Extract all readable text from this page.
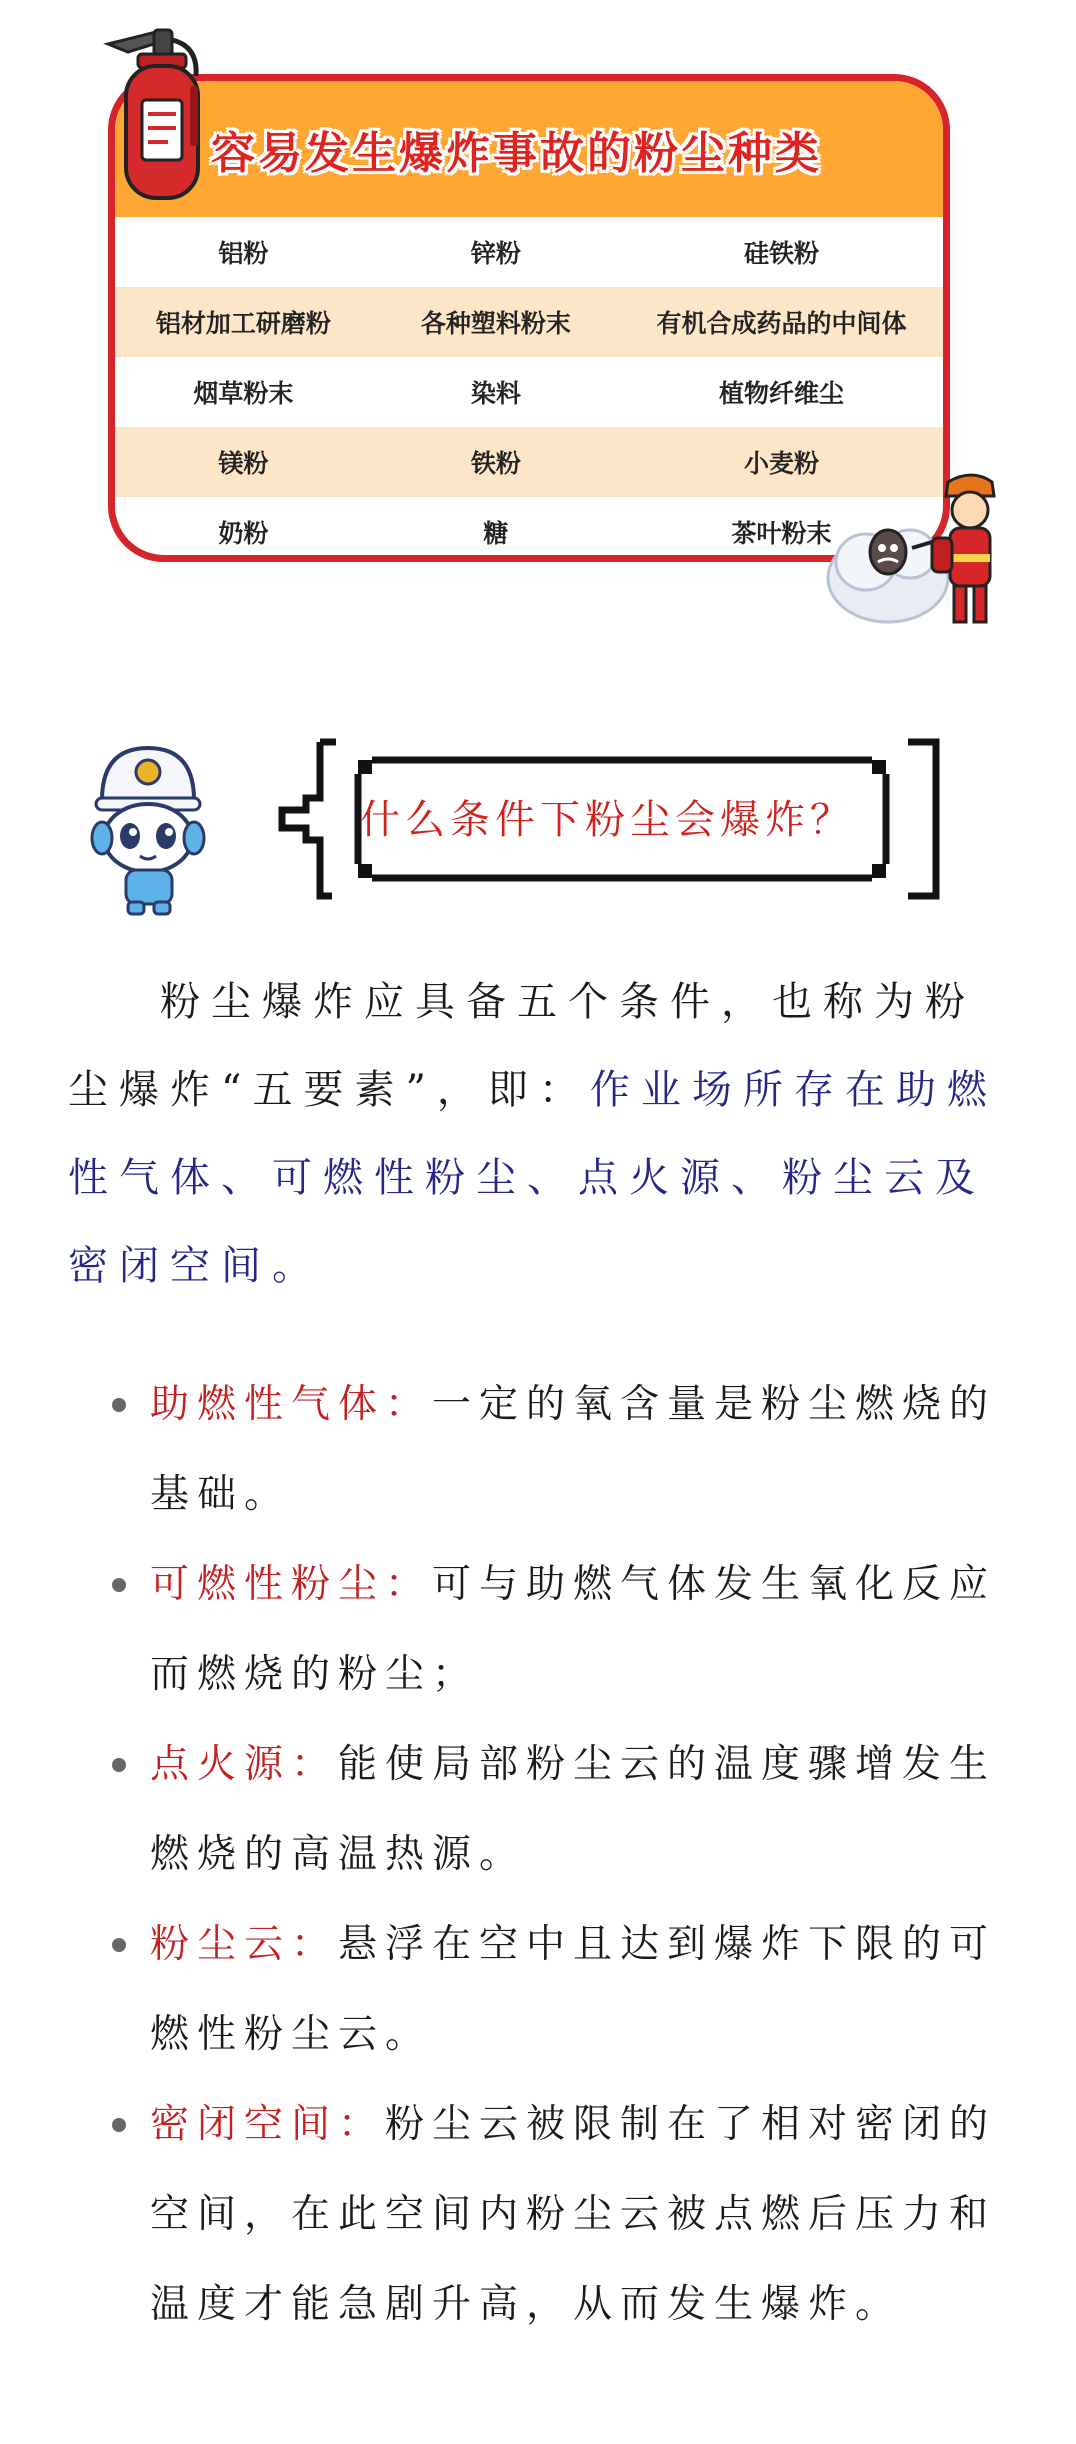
容易发生爆炸事故的粉尘种类
铝粉	锌粉	硅铁粉
铝材加工研磨粉	各种塑料粉末	有机合成药品的中间体
烟草粉末	染料	植物纤维尘
镁粉	铁粉	小麦粉
奶粉	糖	茶叶粉末
什么条件下粉尘会爆炸？

粉尘爆炸应具备五个条件，也称为粉尘爆炸“五要素”，即：作业场所存在助燃性气体、可燃性粉尘、点火源、粉尘云及密闭空间。

助燃性气体：一定的氧含量是粉尘燃烧的基础。
可燃性粉尘：可与助燃气体发生氧化反应而燃烧的粉尘；
点火源：能使局部粉尘云的温度骤增发生燃烧的高温热源。
粉尘云：悬浮在空中且达到爆炸下限的可燃性粉尘云。
密闭空间：粉尘云被限制在了相对密闭的空间，在此空间内粉尘云被点燃后压力和温度才能急剧升高，从而发生爆炸。
